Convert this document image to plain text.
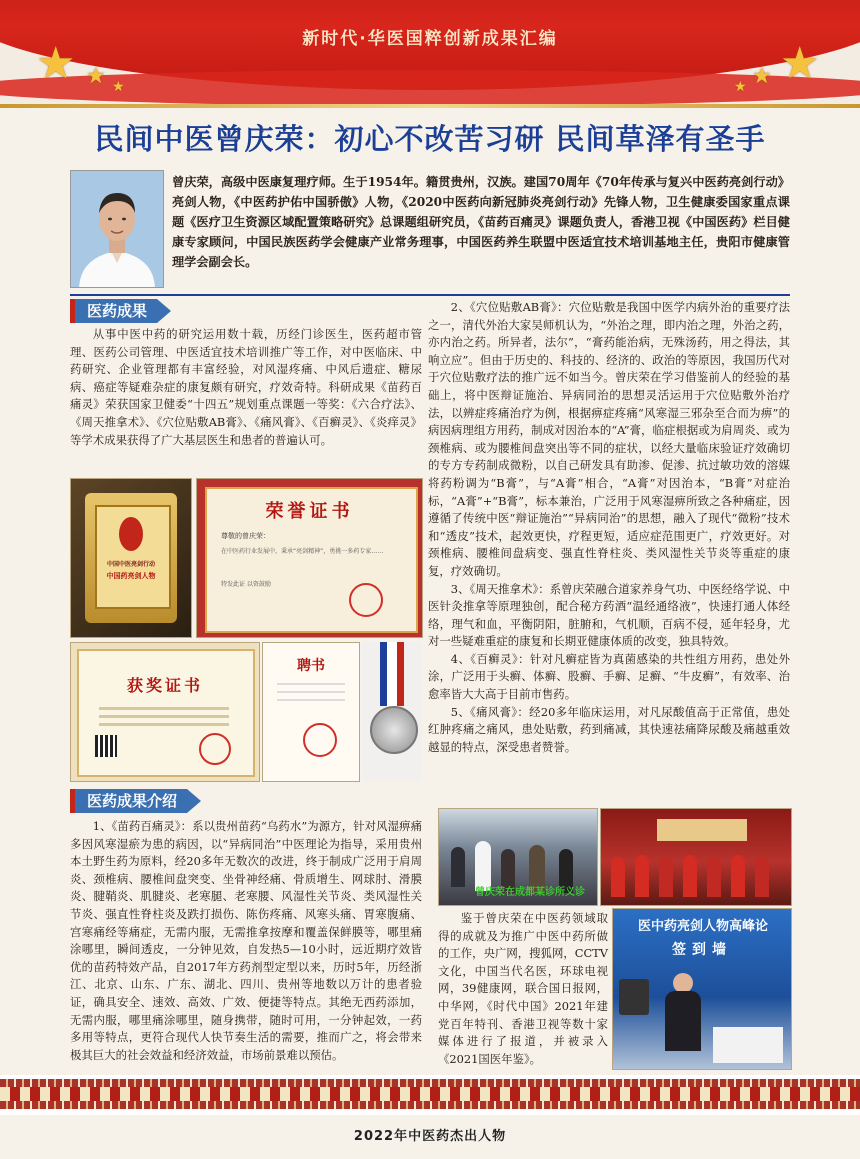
新时代·华医国粹创新成果汇编
★ ★ ★	★
★
★
民间中医曾庆荣：初心不改苦习研 民间草泽有圣手
曾庆荣，高级中医康复理疗师。生于1954年。籍贯贵州，汉族。建国70周年《70年传承与复兴中医药亮剑行动》亮剑人物，《中医药护佑中国骄傲》人物，《2020中医药向新冠肺炎亮剑行动》先锋人物，卫生健康委国家重点课题《医疗卫生资源区域配置策略研究》总课题组研究员，《苗药百痛灵》课题负责人，香港卫视《中国医药》栏目健康专家顾问，中国民族医药学会健康产业常务理事，中国医药养生联盟中医适宜技术培训基地主任，贵阳市健康管理学会副会长。
医药成果
从事中医中药的研究运用数十载，历经门诊医生，医药超市管理、医药公司管理、中医适宜技术培训推广等工作，对中医临床、中药研究、企业管理都有丰富经验，对风湿疼痛、中风后遗症、糖尿病、癌症等疑难杂症的康复颇有研究，疗效奇特。科研成果《苗药百痛灵》荣获国家卫健委“十四五”规划重点课题一等奖：《六合疗法》、《周天推拿术》、《穴位贴敷AB膏》、《痛风膏》、《百癣灵》、《炎痒灵》等学术成果获得了广大基层医生和患者的普遍认可。
中国中医亮剑行动
中国药亮剑人物
荣誉证书
尊敬的曾庆荣：
在中医药行业发展中，秉承“亮剑精神”，勇挑一多药专家……
特发此证 以资鼓励
获奖证书
聘书
医药成果介绍
1、《苗药百痛灵》：系以贵州苗药“乌药水”为源方，针对风湿痹痛多因风寒湿瘀为患的病因，以“异病同治”中医理论为指导，采用贵州本土野生药为原料，经20多年无数次的改进，终于制成广泛用于肩周炎、颈椎病、腰椎间盘突变、坐骨神经痛、骨质增生、网球肘、滑膜炎、腱鞘炎、肌腱炎、老寒腿、老寒腰、风湿性关节炎、类风湿性关节炎、强直性脊柱炎及跌打损伤、陈伤疼痛、风寒头痛、胃寒腹痛、宫寒痛经等痛症，无需内服，无需推拿按摩和覆盖保鲜膜等，哪里痛涂哪里，瞬间透皮，一分钟见效，自发热5—10小时，远近期疗效皆优的苗药特效产品，自2017年方药剂型定型以来，历时5年，历经浙江、北京、山东、广东、湖北、四川、贵州等地数以万计的患者验证，确具安全、速效、高效、广效、便捷等特点。其绝无西药添加，无需内服，哪里痛涂哪里，随身携带，随时可用，一分钟起效，一药多用等特点，更符合现代人快节奏生活的需要，推而广之，将会带来极其巨大的社会效益和经济效益，市场前景难以预估。
2、《穴位贴敷AB膏》：穴位贴敷是我国中医学内病外治的重要疗法之一，清代外治大家吴师机认为，“外治之理，即内治之理，外治之药，亦内治之药。所异者，法尔”，“膏药能治病，无殊汤药，用之得法，其响立应”。但由于历史的、科技的、经济的、政治的等原因，我国历代对于穴位贴敷疗法的推广远不如当今。曾庆荣在学习借鉴前人的经验的基础上，将中医辩证施治、异病同治的思想灵活运用于穴位贴敷外治疗法，以辨症疼痛治疗为例，根据痹症疼痛“风寒湿三邪杂至合而为痹”的病因病理组方用药，制成对因治本的“A”膏，临症根据或为肩周炎、或为颈椎病、或为腰椎间盘突出等不同的症状，以经大量临床验证疗效确切的专方专药制成微粉，以自己研发具有助渗、促渗、抗过敏功效的溶媒将药粉调为“B膏”，与“A膏”相合，“A膏”对因治本，“B膏”对症治标，“A膏”+“B膏”，标本兼治，广泛用于风寒湿痹所致之各种痛症，因遵循了传统中医“辩证施治”“异病同治”的思想，融入了现代“微粉”技术和“透皮”技术，起效更快，疗程更短，适应症范围更广，疗效更好。对颈椎病、腰椎间盘病变、强直性脊柱炎、类风湿性关节炎等重症的康复，疗效确切。
3、《周天推拿术》：系曾庆荣融合道家养身气功、中医经络学说、中医针灸推拿等原理独创，配合秘方药酒“温经通络液”，快速打通人体经络，理气和血，平衡阴阳，脏腑和，气机顺，百病不侵，延年轻身，尤对一些疑难重症的康复和长期亚健康体质的改变，独具特效。
4、《百癣灵》：针对凡癣症皆为真菌感染的共性组方用药，患处外涂，广泛用于头癣、体癣、股癣、手癣、足癣、“牛皮癣”，有效率、治愈率皆大大高于目前市售药。
5、《痛风膏》：经20多年临床运用，对凡尿酸值高于正常值，患处红肿疼痛之痛风，患处贴敷，药到痛减，其快速祛痛降尿酸及痛越重效越显的特点，深受患者赞誉。
曾庆荣在成都某诊所义诊
鉴于曾庆荣在中医药领域取得的成就及为推广中医中药所做的工作，央广网，搜狐网，CCTV文化，中国当代名医，环球电视网，39健康网，联合国日报网，中华网，《时代中国》2021年建党百年特刊、香港卫视等数十家媒体进行了报道，并被录入《2021国医年鉴》。
医中药亮剑人物高峰论
签到墙
2022年中医药杰出人物
